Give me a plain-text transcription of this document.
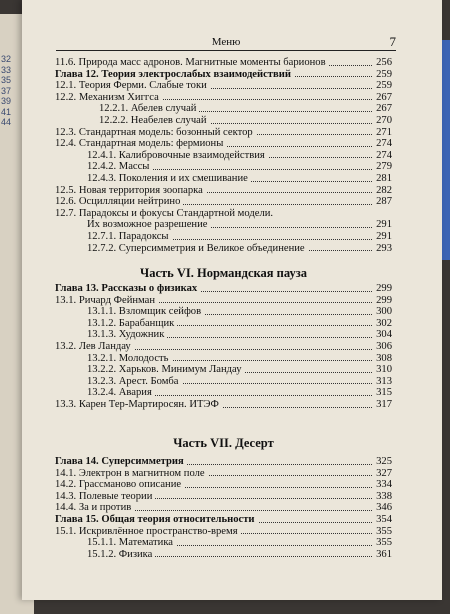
32
33
35
37
39
41
44
Меню	7
11.6. Природа масс адронов. Магнитные моменты барионов	256
Глава 12. Теория электрослабых взаимодействий	259
12.1. Теория Ферми. Слабые токи	259
12.2. Механизм Хиггса	267
12.2.1. Абелев случай	267
12.2.2. Неабелев случай	270
12.3. Стандартная модель: бозонный сектор	271
12.4. Стандартная модель: фермионы	274
12.4.1. Калибровочные взаимодействия	274
12.4.2. Массы	279
12.4.3. Поколения и их смешивание	281
12.5. Новая территория зоопарка	282
12.6. Осцилляции нейтрино	287
12.7. Парадоксы и фокусы Стандартной модели.
Их возможное разрешение	291
12.7.1. Парадоксы	291
12.7.2. Суперсимметрия и Великое объединение	293
Часть VI. Нормандская пауза
Глава 13. Рассказы о физиках	299
13.1. Ричард Фейнман	299
13.1.1. Взломщик сейфов	300
13.1.2. Барабанщик	302
13.1.3. Художник	304
13.2. Лев Ландау	306
13.2.1. Молодость	308
13.2.2. Харьков. Минимум Ландау	310
13.2.3. Арест. Бомба	313
13.2.4. Авария	315
13.3. Карен Тер-Мартиросян. ИТЭФ	317
Часть VII. Десерт
Глава 14. Суперсимметрия	325
14.1. Электрон в магнитном поле	327
14.2. Грассманово описание	334
14.3. Полевые теории	338
14.4. За и против	346
Глава 15. Общая теория относительности	354
15.1. Искривлённое пространство-время	355
15.1.1. Математика	355
15.1.2. Физика	361
